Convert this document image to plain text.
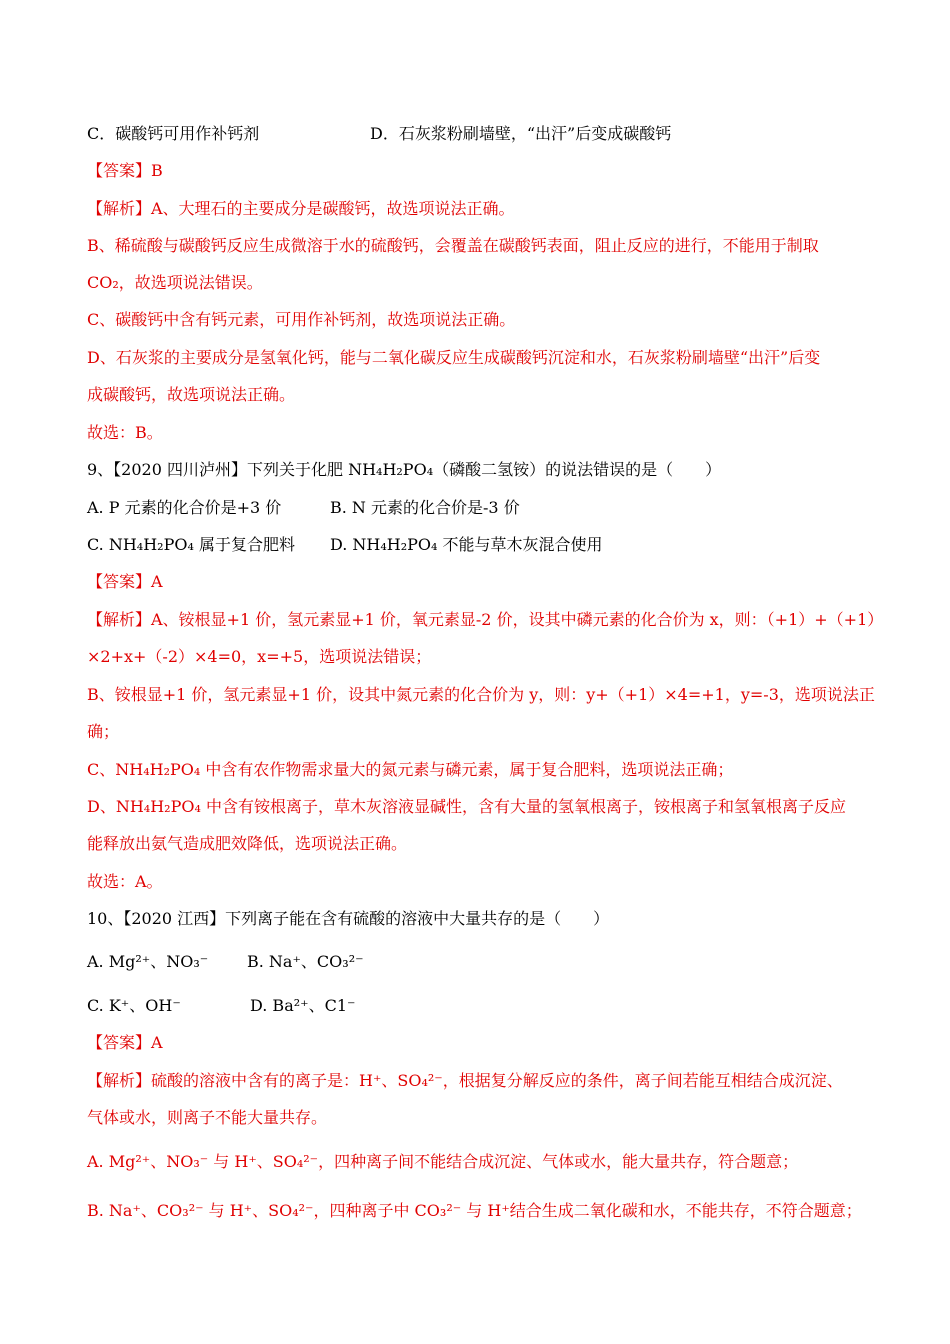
C．碳酸钙可用作补钙剂	D．石灰浆粉刷墙壁，“出汗”后变成碳酸钙
【答案】B
【解析】A、大理石的主要成分是碳酸钙，故选项说法正确。
B、稀硫酸与碳酸钙反应生成微溶于水的硫酸钙，会覆盖在碳酸钙表面，阻止反应的进行，不能用于制取
CO₂，故选项说法错误。
C、碳酸钙中含有钙元素，可用作补钙剂，故选项说法正确。
D、石灰浆的主要成分是氢氧化钙，能与二氧化碳反应生成碳酸钙沉淀和水，石灰浆粉刷墙壁“出汗”后变
成碳酸钙，故选项说法正确。
故选：B。
9、【2020 四川泸州】下列关于化肥 NH₄H₂PO₄（磷酸二氢铵）的说法错误的是（　　）
A. P 元素的化合价是+3 价	B. N 元素的化合价是-3 价
C. NH₄H₂PO₄ 属于复合肥料 D. NH₄H₂PO₄ 不能与草木灰混合使用
【答案】A
【解析】A、铵根显+1 价，氢元素显+1 价，氧元素显-2 价，设其中磷元素的化合价为 x，则：（+1）+（+1）
×2+x+（-2）×4=0，x=+5，选项说法错误；
B、铵根显+1 价，氢元素显+1 价，设其中氮元素的化合价为 y，则：y+（+1）×4=+1，y=-3，选项说法正
确；
C、NH₄H₂PO₄ 中含有农作物需求量大的氮元素与磷元素，属于复合肥料，选项说法正确；
D、NH₄H₂PO₄ 中含有铵根离子，草木灰溶液显碱性，含有大量的氢氧根离子，铵根离子和氢氧根离子反应
能释放出氨气造成肥效降低，选项说法正确。
故选：A。
10、【2020 江西】下列离子能在含有硫酸的溶液中大量共存的是（　　）
A. Mg²⁺、NO₃⁻ B. Na⁺、CO₃²⁻
C. K⁺、OH⁻	D. Ba²⁺、C1⁻
【答案】A
【解析】硫酸的溶液中含有的离子是：H⁺、SO₄²⁻，根据复分解反应的条件，离子间若能互相结合成沉淀、
气体或水，则离子不能大量共存。
A. Mg²⁺、NO₃⁻ 与 H⁺、SO₄²⁻，四种离子间不能结合成沉淀、气体或水，能大量共存，符合题意；
B. Na⁺、CO₃²⁻ 与 H⁺、SO₄²⁻，四种离子中 CO₃²⁻ 与 H⁺结合生成二氧化碳和水，不能共存，不符合题意；
